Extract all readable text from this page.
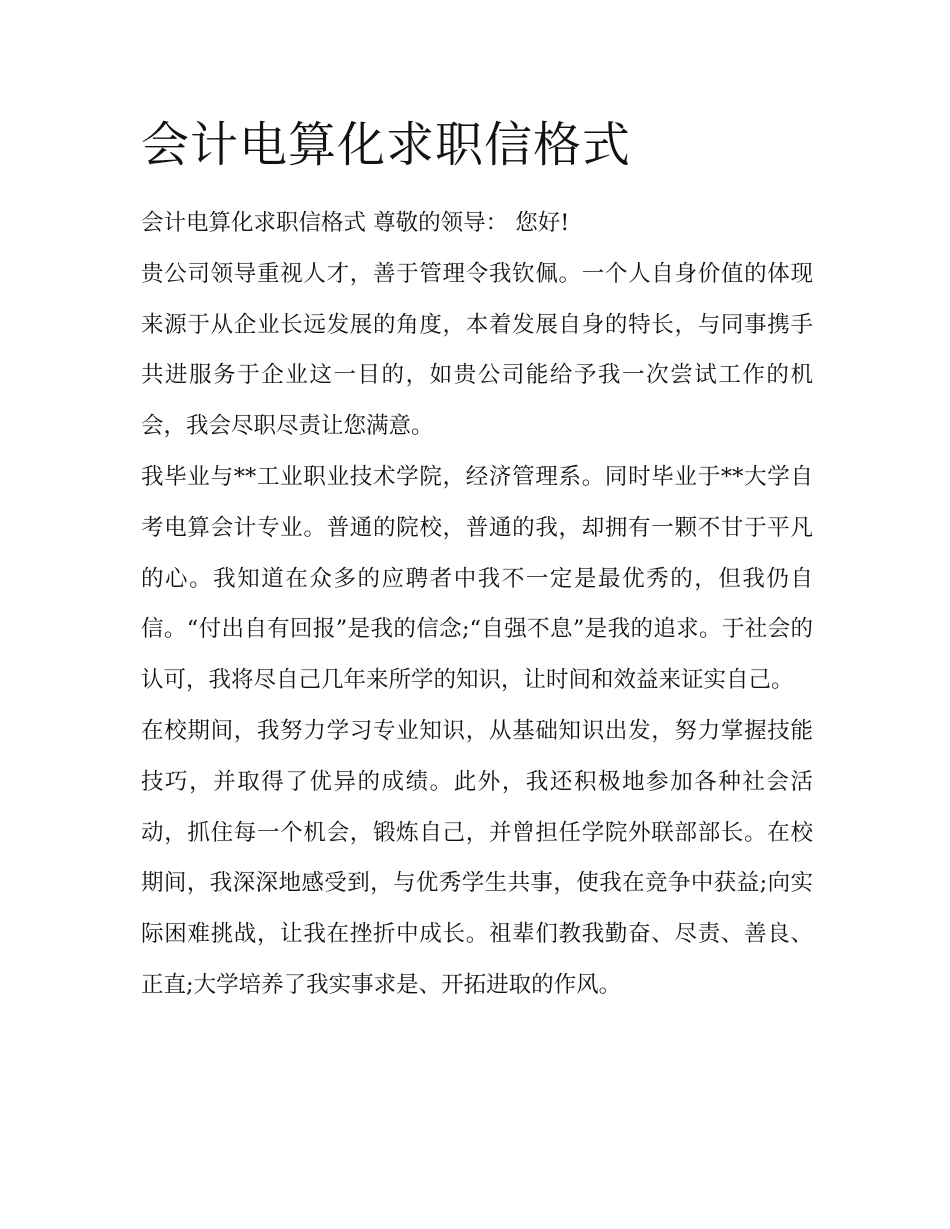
会计电算化求职信格式

会计电算化求职信格式 尊敬的领导： 您好!

贵公司领导重视人才，善于管理令我钦佩。一个人自身价值的体现来源于从企业长远发展的角度，本着发展自身的特长，与同事携手共进服务于企业这一目的，如贵公司能给予我一次尝试工作的机会，我会尽职尽责让您满意。

我毕业与**工业职业技术学院，经济管理系。同时毕业于**大学自考电算会计专业。普通的院校，普通的我，却拥有一颗不甘于平凡的心。我知道在众多的应聘者中我不一定是最优秀的，但我仍自信。“付出自有回报”是我的信念;“自强不息”是我的追求。于社会的认可，我将尽自己几年来所学的知识，让时间和效益来证实自己。

在校期间，我努力学习专业知识，从基础知识出发，努力掌握技能技巧，并取得了优异的成绩。此外，我还积极地参加各种社会活动，抓住每一个机会，锻炼自己，并曾担任学院外联部部长。在校期间，我深深地感受到，与优秀学生共事，使我在竞争中获益;向实际困难挑战，让我在挫折中成长。祖辈们教我勤奋、尽责、善良、正直;大学培养了我实事求是、开拓进取的作风。
